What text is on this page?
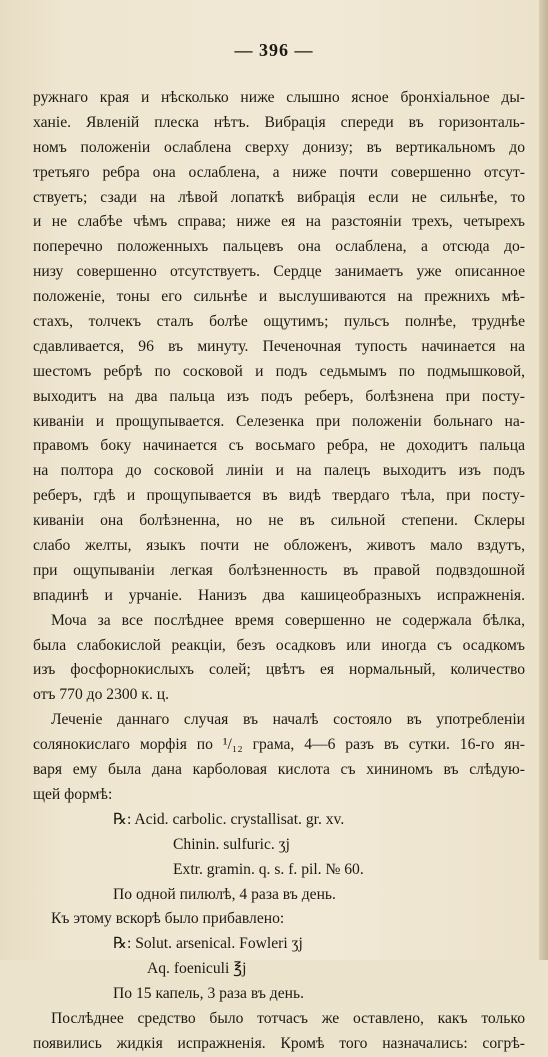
— 396 —
ружнаго края и нѣсколько ниже слышно ясное бронхіальное ды-
ханіе. Явленій плеска нѣтъ. Вибрація спереди въ горизонталь-
номъ положеніи ослаблена сверху донизу; въ вертикальномъ до
третьяго ребра она ослаблена, а ниже почти совершенно отсут-
ствуетъ; сзади на лѣвой лопаткѣ вибрація если не сильнѣе, то
и не слабѣе чѣмъ справа; ниже ея на разстояніи трехъ, четырехъ
поперечно положенныхъ пальцевъ она ослаблена, а отсюда до-
низу совершенно отсутствуетъ. Сердце занимаетъ уже описанное
положеніе, тоны его сильнѣе и выслушиваются на прежнихъ мѣ-
стахъ, толчекъ сталъ болѣе ощутимъ; пульсъ полнѣе, труднѣе
сдавливается, 96 въ минуту. Печеночная тупость начинается на
шестомъ ребрѣ по сосковой и подъ седьмымъ по подмышковой,
выходитъ на два пальца изъ подъ реберъ, болѣзнена при посту-
киваніи и прощупывается. Селезенка при положеніи больнаго на-
правомъ боку начинается съ восьмаго ребра, не доходитъ пальца
на полтора до сосковой линіи и на палецъ выходитъ изъ подъ
реберъ, гдѣ и прощупывается въ видѣ твердаго тѣла, при посту-
киваніи она болѣзненна, но не въ сильной степени. Склеры
слабо желты, языкъ почти не обложенъ, животъ мало вздутъ,
при ощупываніи легкая болѣзненность въ правой подвздошной
впадинѣ и урчаніе. Нанизъ два кашицеобразныхъ испражненія.
Моча за все послѣднее время совершенно не содержала бѣлка,
была слабокислой реакціи, безъ осадковъ или иногда съ осадкомъ
изъ фосфорнокислыхъ солей; цвѣтъ ея нормальный, количество
отъ 770 до 2300 к. ц.
Леченіе даннаго случая въ началѣ состояло въ употребленіи
солянокислаго морфія по ¹/₁₂ грама, 4—6 разъ въ сутки. 16-го ян-
варя ему была дана карболовая кислота съ хининомъ въ слѣдую-
щей формѣ:
℞: Acid. carbolic. crystallisat. gr. xv.
Chinin. sulfuric. ʒj
Extr. gramin. q. s. f. pil. № 60.
По одной пилюлѣ, 4 раза въ день.
Къ этому вскорѣ было прибавлено:
℞: Solut. arsenical. Fowleri ʒj
Aq. foeniculi ℥j
По 15 капель, 3 раза въ день.
Послѣднее средство было тотчасъ же оставлено, какъ только
появились жидкія испражненія. Кромѣ того назначались: согрѣ-
